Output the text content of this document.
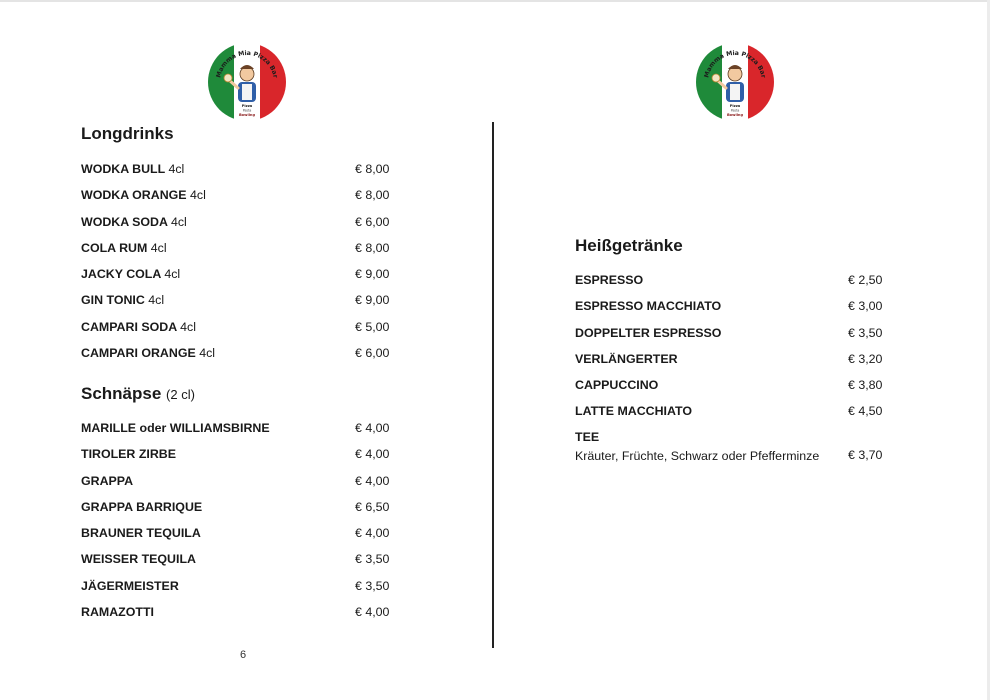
Mamma Mia Pizza Bar
Pizza
Pasta
Bowling
Mamma Mia Pizza Bar
Pizza
Pasta
Bowling
Longdrinks
WODKA BULL 4cl	€ 8,00
WODKA ORANGE 4cl	€ 8,00
WODKA SODA 4cl	€ 6,00
COLA RUM 4cl	€ 8,00
JACKY COLA 4cl	€ 9,00
GIN TONIC 4cl	€ 9,00
CAMPARI SODA 4cl	€ 5,00
CAMPARI ORANGE 4cl	€ 6,00
Schnäpse (2 cl)
MARILLE oder WILLIAMSBIRNE	€ 4,00
TIROLER ZIRBE	€ 4,00
GRAPPA	€ 4,00
GRAPPA BARRIQUE	€ 6,50
BRAUNER TEQUILA	€ 4,00
WEISSER TEQUILA	€ 3,50
JÄGERMEISTER	€ 3,50
RAMAZOTTI	€ 4,00
6
Heißgetränke
ESPRESSO	€ 2,50
ESPRESSO MACCHIATO	€ 3,00
DOPPELTER ESPRESSO	€ 3,50
VERLÄNGERTER	€ 3,20
CAPPUCCINO	€ 3,80
LATTE MACCHIATO	€ 4,50
TEE
Kräuter, Früchte, Schwarz oder Pfefferminze	€ 3,70
